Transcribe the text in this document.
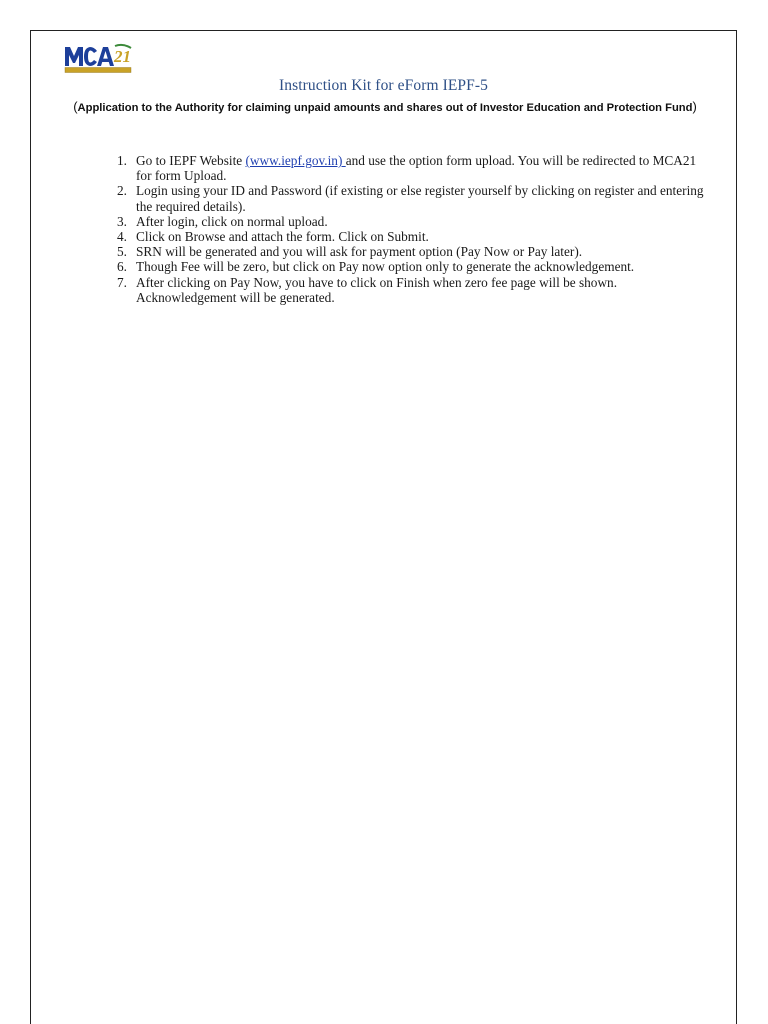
21
Instruction Kit for eForm IEPF-5
(Application to the Authority for claiming unpaid amounts and shares out of Investor Education and Protection Fund)
1. Go to IEPF Website (www.iepf.gov.in) and use the option form upload. You will be redirected to MCA21 for form Upload.
2. Login using your ID and Password (if existing or else register yourself by clicking on register and entering the required details).
3. After login, click on normal upload.
4. Click on Browse and attach the form. Click on Submit.
5. SRN will be generated and you will ask for payment option (Pay Now or Pay later).
6. Though Fee will be zero, but click on Pay now option only to generate the acknowledgement.
7. After clicking on Pay Now, you have to click on Finish when zero fee page will be shown. Acknowledgement will be generated.
